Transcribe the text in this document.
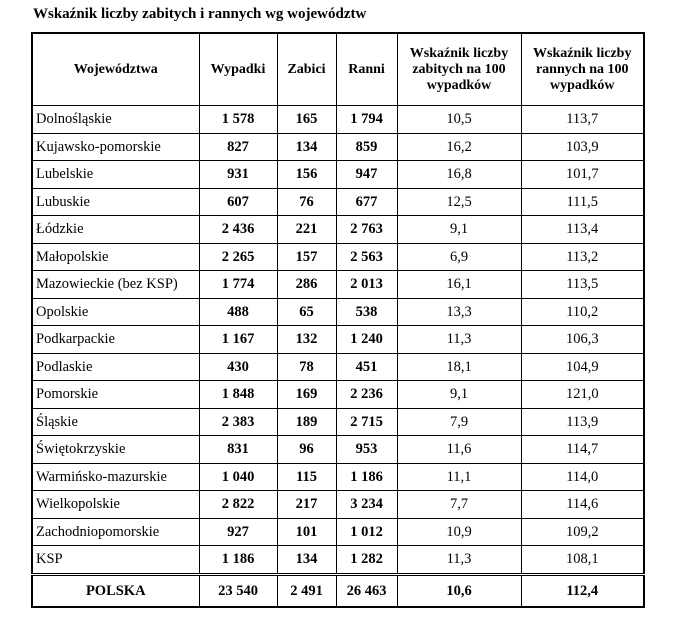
Wskaźnik liczby zabitych i rannych wg województw
Województwa	Wypadki	Zabici	Ranni	Wskaźnik liczby zabitych na 100 wypadków	Wskaźnik liczby rannych na 100 wypadków
Dolnośląskie	1 578	165	1 794	10,5	113,7
Kujawsko-pomorskie	827	134	859	16,2	103,9
Lubelskie	931	156	947	16,8	101,7
Lubuskie	607	76	677	12,5	111,5
Łódzkie	2 436	221	2 763	9,1	113,4
Małopolskie	2 265	157	2 563	6,9	113,2
Mazowieckie (bez KSP)	1 774	286	2 013	16,1	113,5
Opolskie	488	65	538	13,3	110,2
Podkarpackie	1 167	132	1 240	11,3	106,3
Podlaskie	430	78	451	18,1	104,9
Pomorskie	1 848	169	2 236	9,1	121,0
Śląskie	2 383	189	2 715	7,9	113,9
Świętokrzyskie	831	96	953	11,6	114,7
Warmińsko-mazurskie	1 040	115	1 186	11,1	114,0
Wielkopolskie	2 822	217	3 234	7,7	114,6
Zachodniopomorskie	927	101	1 012	10,9	109,2
KSP	1 186	134	1 282	11,3	108,1
POLSKA	23 540	2 491	26 463	10,6	112,4
